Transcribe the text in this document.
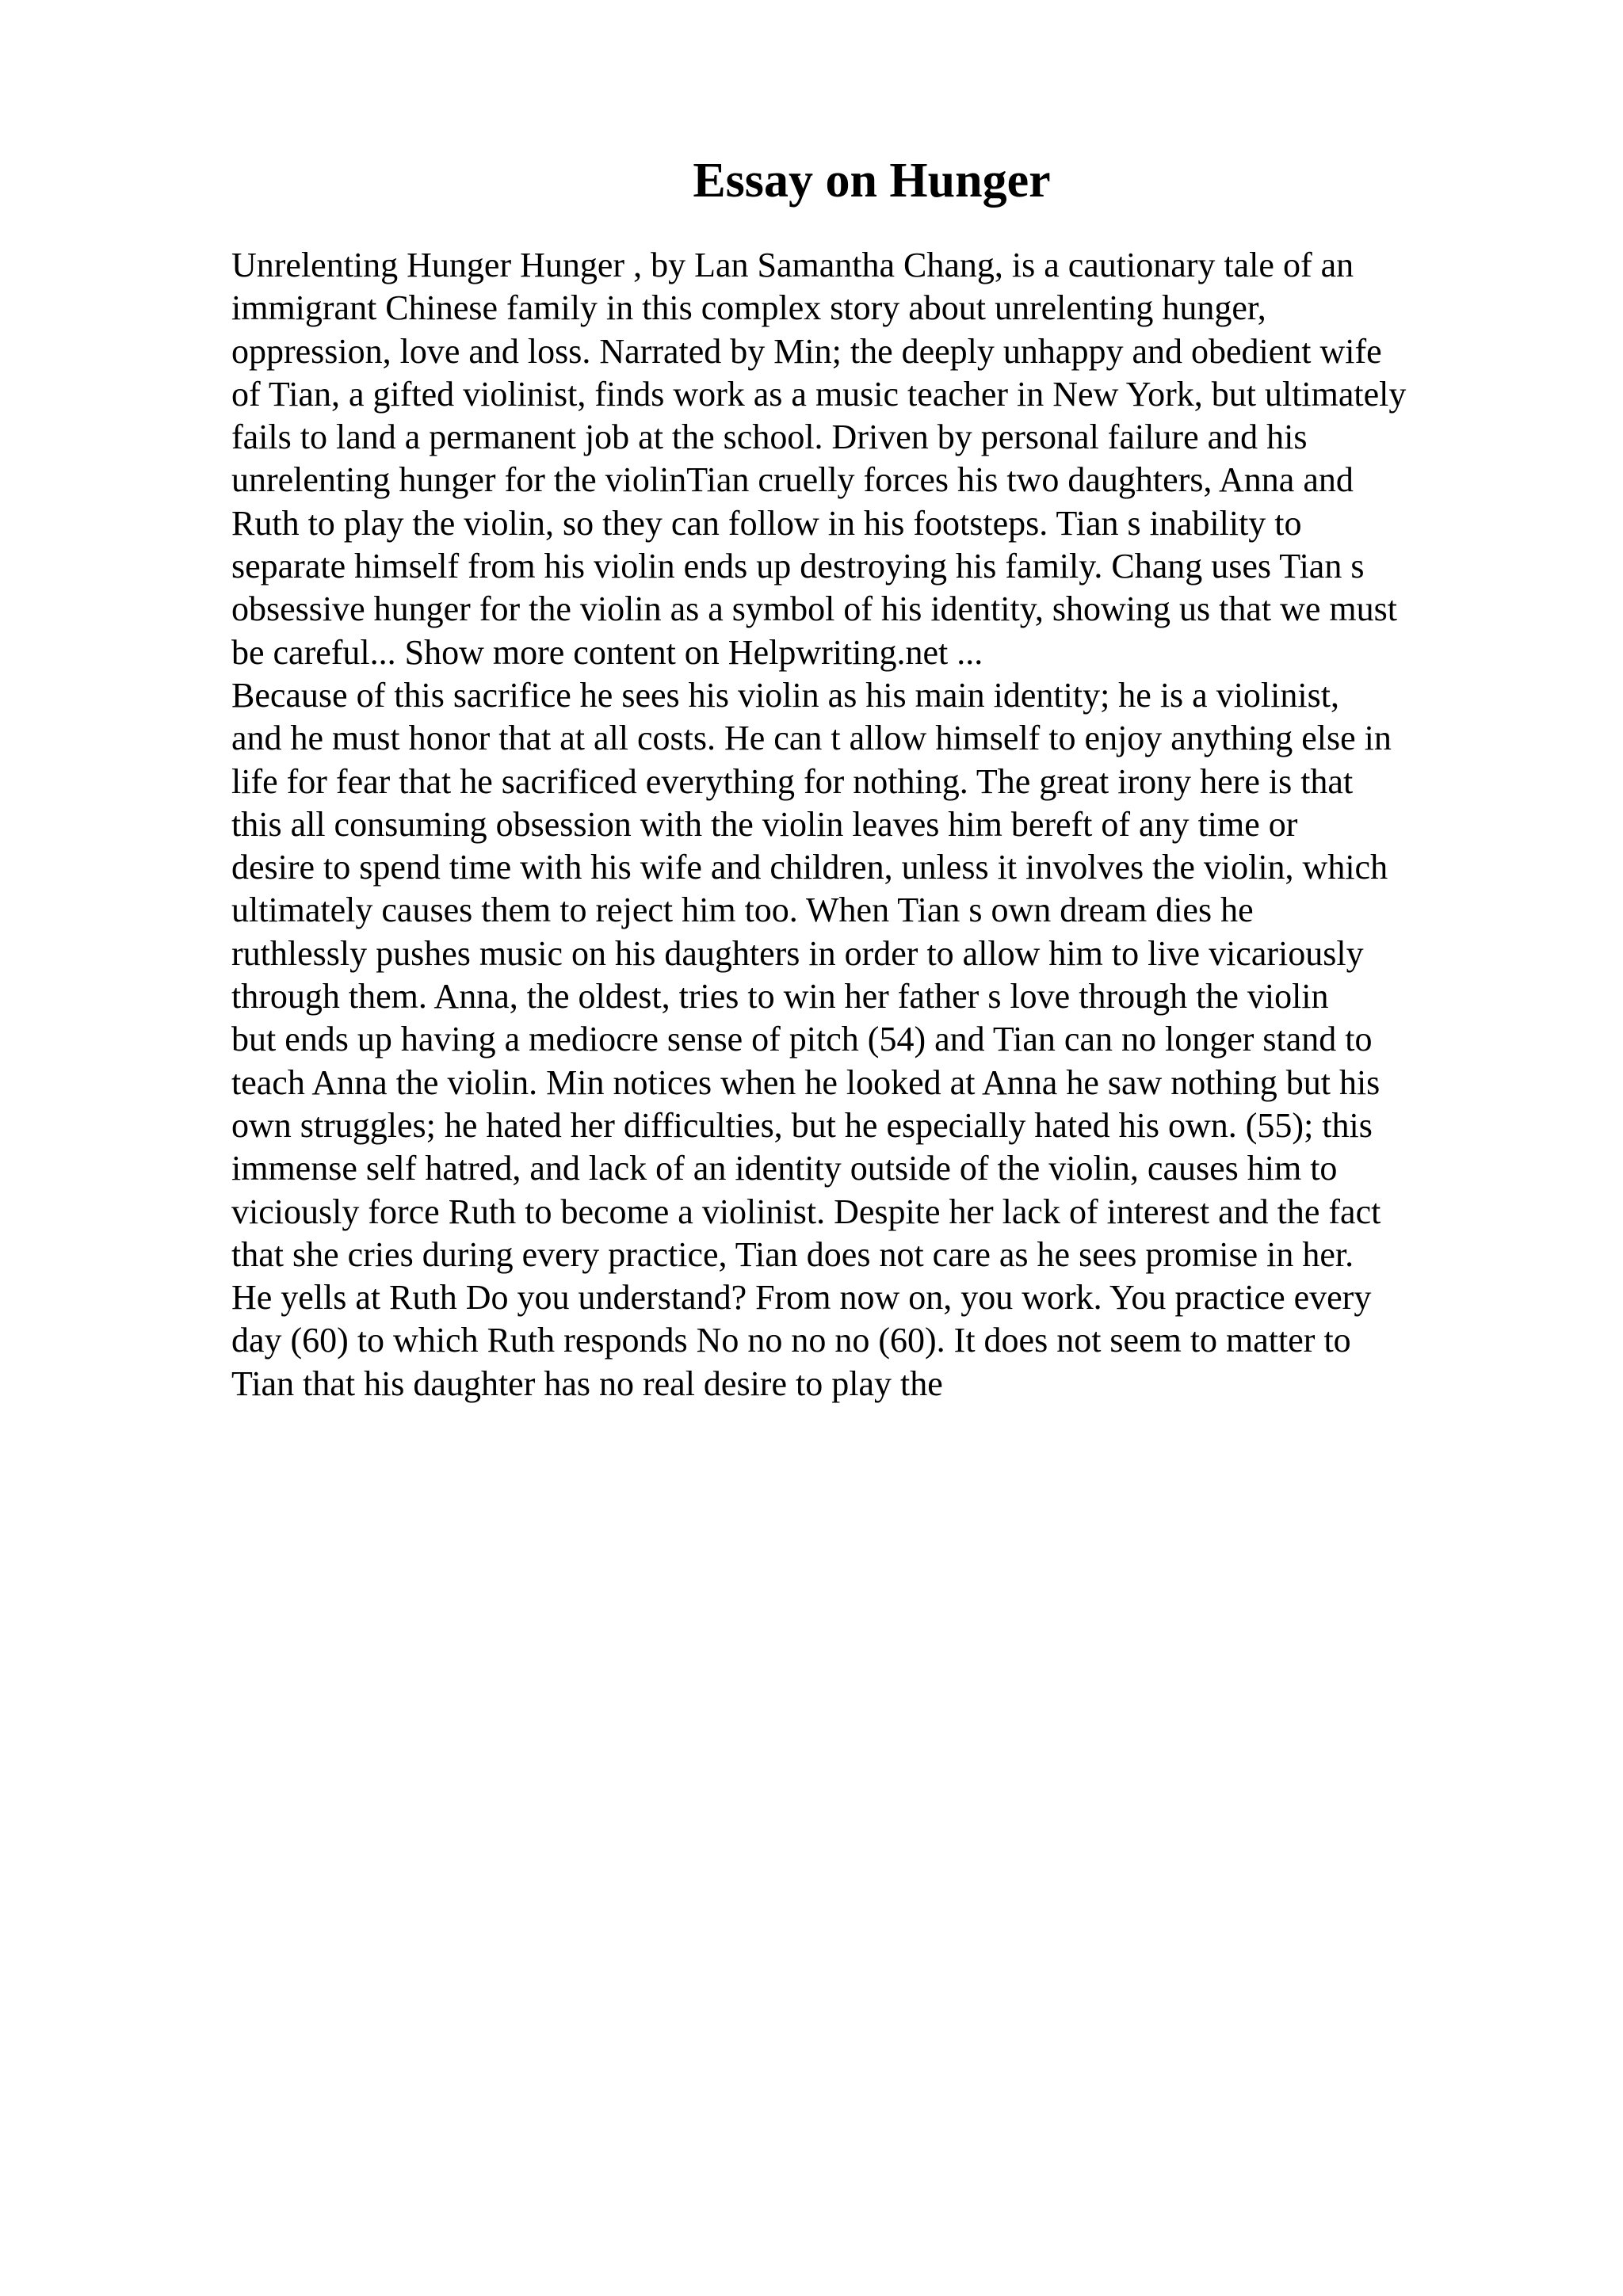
Essay on Hunger
Unrelenting Hunger Hunger , by Lan Samantha Chang, is a cautionary tale of an
immigrant Chinese family in this complex story about unrelenting hunger,
oppression, love and loss. Narrated by Min; the deeply unhappy and obedient wife
of Tian, a gifted violinist, finds work as a music teacher in New York, but ultimately
fails to land a permanent job at the school. Driven by personal failure and his
unrelenting hunger for the violinTian cruelly forces his two daughters, Anna and
Ruth to play the violin, so they can follow in his footsteps. Tian s inability to
separate himself from his violin ends up destroying his family. Chang uses Tian s
obsessive hunger for the violin as a symbol of his identity, showing us that we must
be careful... Show more content on Helpwriting.net ...
Because of this sacrifice he sees his violin as his main identity; he is a violinist,
and he must honor that at all costs. He can t allow himself to enjoy anything else in
life for fear that he sacrificed everything for nothing. The great irony here is that
this all consuming obsession with the violin leaves him bereft of any time or
desire to spend time with his wife and children, unless it involves the violin, which
ultimately causes them to reject him too. When Tian s own dream dies he
ruthlessly pushes music on his daughters in order to allow him to live vicariously
through them. Anna, the oldest, tries to win her father s love through the violin
but ends up having a mediocre sense of pitch (54) and Tian can no longer stand to
teach Anna the violin. Min notices when he looked at Anna he saw nothing but his
own struggles; he hated her difficulties, but he especially hated his own. (55); this
immense self hatred, and lack of an identity outside of the violin, causes him to
viciously force Ruth to become a violinist. Despite her lack of interest and the fact
that she cries during every practice, Tian does not care as he sees promise in her.
He yells at Ruth Do you understand? From now on, you work. You practice every
day (60) to which Ruth responds No no no no (60). It does not seem to matter to
Tian that his daughter has no real desire to play the
